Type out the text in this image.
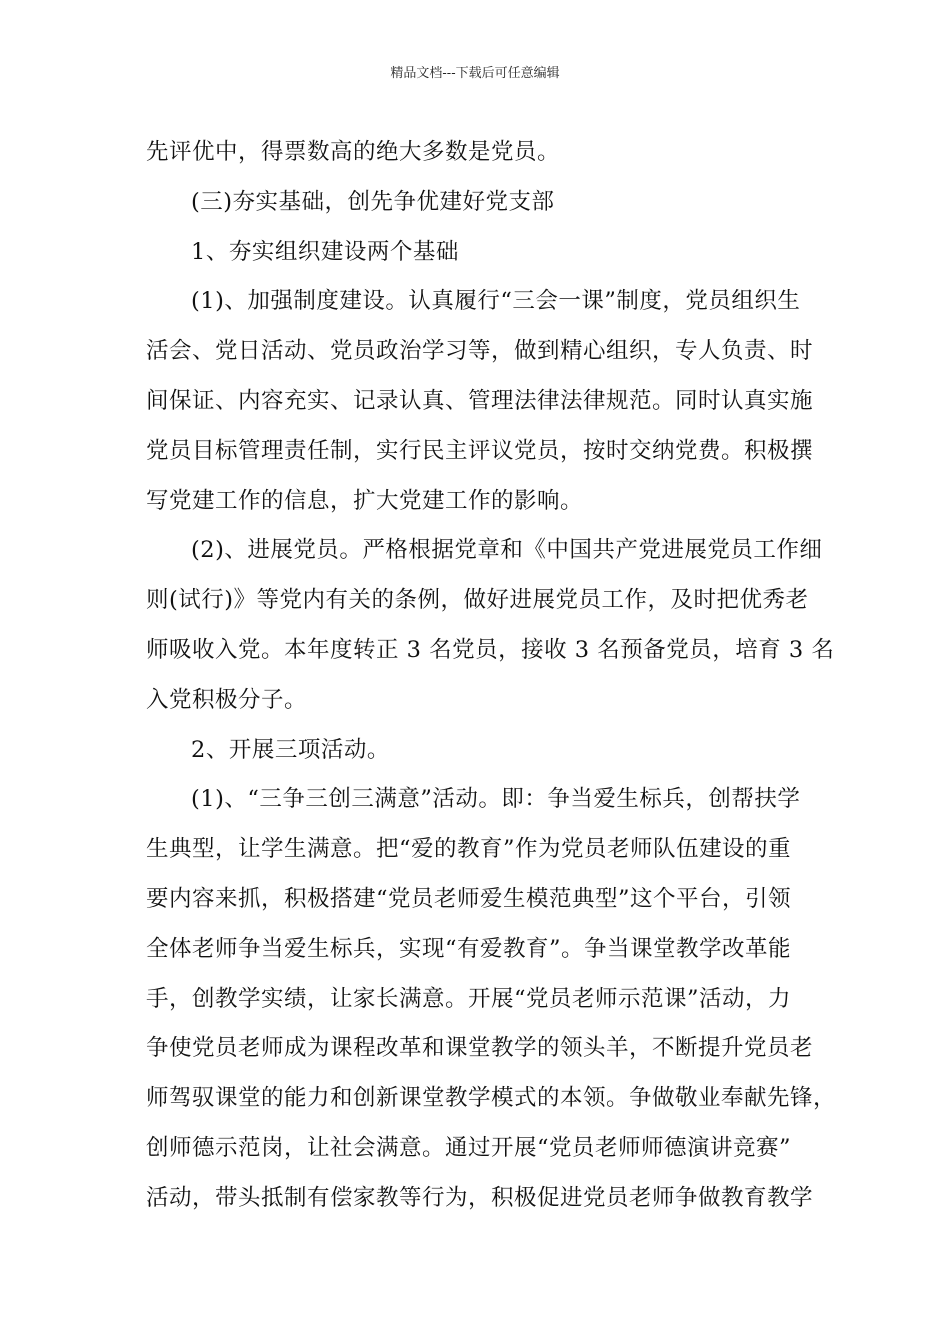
精品文档---下载后可任意编辑
先评优中，得票数高的绝大多数是党员。
(三)夯实基础，创先争优建好党支部
1、夯实组织建设两个基础
(1)、加强制度建设。认真履行“三会一课”制度，党员组织生
活会、党日活动、党员政治学习等，做到精心组织，专人负责、时
间保证、内容充实、记录认真、管理法律法律规范。同时认真实施
党员目标管理责任制，实行民主评议党员，按时交纳党费。积极撰
写党建工作的信息，扩大党建工作的影响。
(2)、进展党员。严格根据党章和《中国共产党进展党员工作细
则(试行)》等党内有关的条例，做好进展党员工作，及时把优秀老
师吸收入党。本年度转正 3 名党员，接收 3 名预备党员，培育 3 名
入党积极分子。
2、开展三项活动。
(1)、“三争三创三满意”活动。即：争当爱生标兵，创帮扶学
生典型，让学生满意。把“爱的教育”作为党员老师队伍建设的重
要内容来抓，积极搭建“党员老师爱生模范典型”这个平台，引领
全体老师争当爱生标兵，实现“有爱教育”。争当课堂教学改革能
手，创教学实绩，让家长满意。开展“党员老师示范课”活动，力
争使党员老师成为课程改革和课堂教学的领头羊，不断提升党员老
师驾驭课堂的能力和创新课堂教学模式的本领。争做敬业奉献先锋，
创师德示范岗，让社会满意。通过开展“党员老师师德演讲竞赛”
活动，带头抵制有偿家教等行为，积极促进党员老师争做教育教学
